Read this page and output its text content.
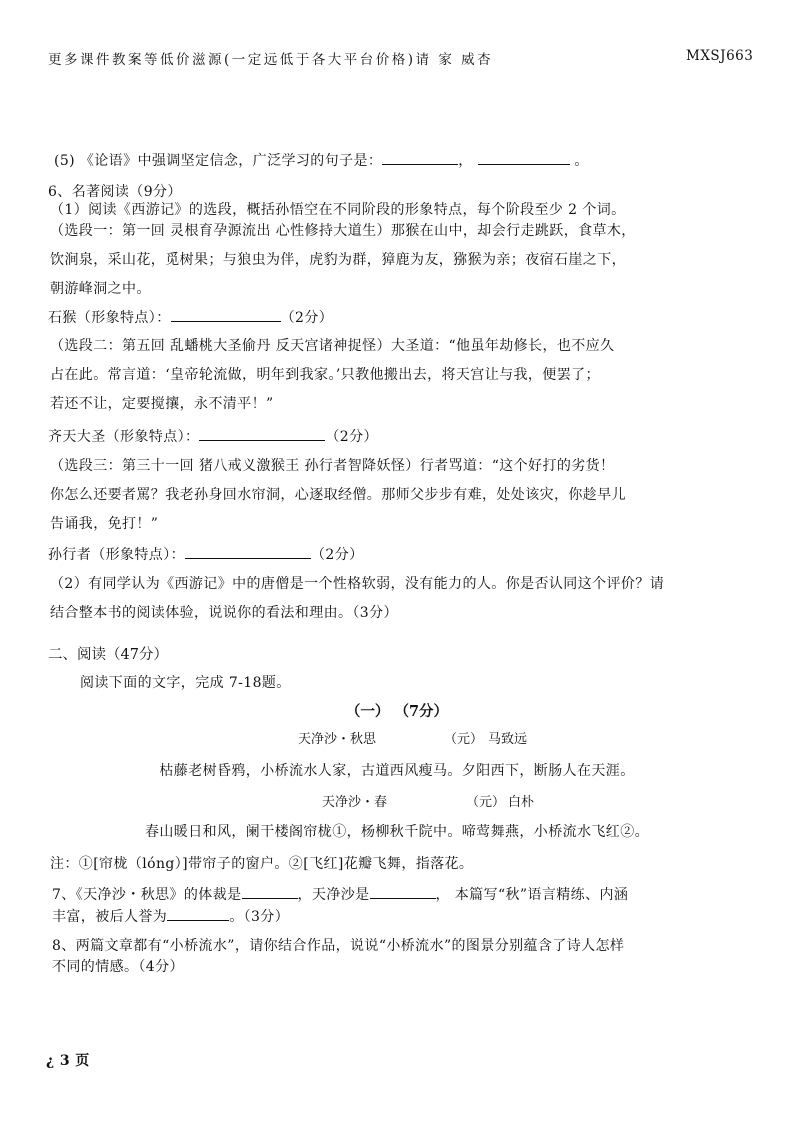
更多课件教案等低价滋源(一定远低于各大平台价格)请 家 威杏	MXSJ663
(5) 《论语》中强调坚定信念，广泛学习的句子是：	，	。
6、名著阅读（9分）
（1）阅读《西游记》的选段，概括孙悟空在不同阶段的形象特点，每个阶段至少 2 个词。
（选段一：第一回 灵根育孕源流出 心性修持大道生）那猴在山中，却会行走跳跃，食草木，
饮涧泉，采山花，觅树果；与狼虫为伴，虎豹为群，獐鹿为友，猕猴为亲；夜宿石崖之下，
朝游峰洞之中。
石猴（形象特点）：	（2分）
（选段二：第五回 乱蟠桃大圣偷丹 反天宫诸神捉怪）大圣道：“他虽年劫修长，也不应久
占在此。常言道：‘皇帝轮流做，明年到我家。’只教他搬出去，将天宫让与我，便罢了；
若还不让，定要搅攘，永不清平！”
齐天大圣（形象特点）：	（2分）
（选段三：第三十一回 猪八戒义激猴王 孙行者智降妖怪）行者骂道：“这个好打的劣货！
你怎么还要者罵？我老孙身回水帘洞，心逐取经僧。那师父步步有难，处处该灾，你趁早儿
告诵我，免打！”
孙行者（形象特点）：	（2分）
（2）有同学认为《西游记》中的唐僧是一个性格软弱，没有能力的人。你是否认同这个评价？请
结合整本书的阅读体验，说说你的看法和理由。（3分）
二、阅读（47分）
阅读下面的文字，完成 7-18题。
（一） （7分）
天净沙・秋思	（元） 马致远
枯藤老树昏鸦，小桥流水人家，古道西风瘦马。夕阳西下，断肠人在天涯。
天净沙・春	（元） 白朴
春山暖日和风，阑干楼阁帘栊①，杨柳秋千院中。啼莺舞燕，小桥流水飞红②。
注：①[帘栊（lóng）]带帘子的窗户。②[飞红]花瓣飞舞，指落花。
7、《天净沙・秋思》的体裁是	，天净沙是	， 本篇写“秋”语言精练、内涵
丰富，被后人誉为	。（3分）
8、两篇文章都有“小桥流水”，请你结合作品，说说“小桥流水”的图景分别蕴含了诗人怎样
不同的情感。（4分）
¿ 3 页
